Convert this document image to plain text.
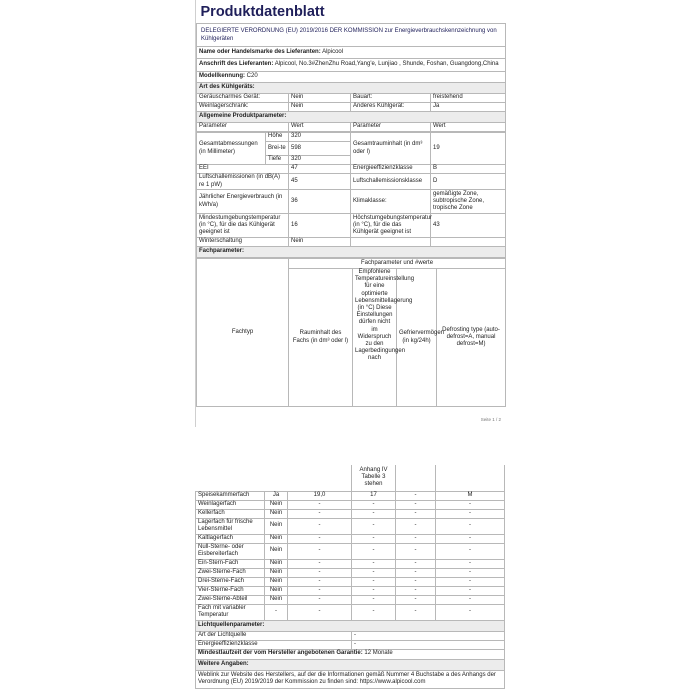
Produktdatenblatt			
DELEGIERTE VERORDNUNG (EU) 2019/2016 DER KOMMISSION zur Energieverbrauchskennzeichnung von Kühlgeräten			
Name oder Handelsmarke des Lieferanten: Alpicool			
Anschrift des Lieferanten: Alpicool, No.3#ZhenZhu Road,Yang'e, Lunjiao , Shunde, Foshan, Guangdong,China			
Modellkennung: C20			
Art des Kühlgeräts:			
Geräuscharmes Gerät:	Nein	Bauart:	freistehend
Weinlagerschrank:	Nein	Anderes Kühlgerät:	Ja
Allgemeine Produktparameter:			
Parameter	Wert	Parameter	Wert
Gesamtabmessungen (in Millimeter)	Höhe	320	Gesamtrauminhalt (in dm³ oder l)	19
	Brei-te	598		
	Tiefe	320		
EEI		47	Energieeffizienzklasse	B
Luftschallemissionen (in dB(A) re 1 pW)		45	Luftschallemissionsklasse	D
Jährlicher Energieverbrauch (in kWh/a)		36	Klimaklasse:	gemäßigte Zone, subtropische Zone, tropische Zone
Mindestumgebungstemperatur (in °C), für die das Kühlgerät geeignet ist		16	Höchstumgebungstemperatur (in °C), für die das Kühlgerät geeignet ist	43
Winterschaltung		Nein		
Fachparameter:				
Fachtyp	Fachparameter und #werte			
	Rauminhalt des Fachs (in dm³ oder l)	Empfohlene Temperatureinstellung für eine optimierte Lebensmittellagerung (in °C) Diese Einstellungen dürfen nicht im Widerspruch zu den Lagerbedingungen nach	Gefriervermögen (in kg/24h)	Defrosting type (auto-defrost=A, manual defrost=M)
Seite 1 / 2
			Anhang IV Tabelle 3 stehen		
Speisekammerfach	Ja	19,0	17	-	M
Weinlagerfach	Nein	-	-	-	-
Kellerfach	Nein	-	-	-	-
Lagerfach für frische Lebensmittel	Nein	-	-	-	-
Kaltlagerfach	Nein	-	-	-	-
Null-Sterne- oder Eisbereiterfach	Nein	-	-	-	-
Ein-Stern-Fach	Nein	-	-	-	-
Zwei-Sterne-Fach	Nein	-	-	-	-
Drei-Sterne-Fach	Nein	-	-	-	-
Vier-Sterne-Fach	Nein	-	-	-	-
Zwei-Sterne-Abteil	Nein	-	-	-	-
Fach mit variabler Temperatur	-	-	-	-	-
Lichtquellenparameter:					
Art der Lichtquelle			-		
Energieeffizienzklasse			-		
Mindestlaufzeit der vom Hersteller angebotenen Garantie: 12 Monate					
Weitere Angaben:					
Weblink zur Website des Herstellers, auf der die Informationen gemäß Nummer 4 Buchstabe a des Anhangs der Verordnung (EU) 2019/2019 der Kommission zu finden sind: https://www.alpicool.com					
